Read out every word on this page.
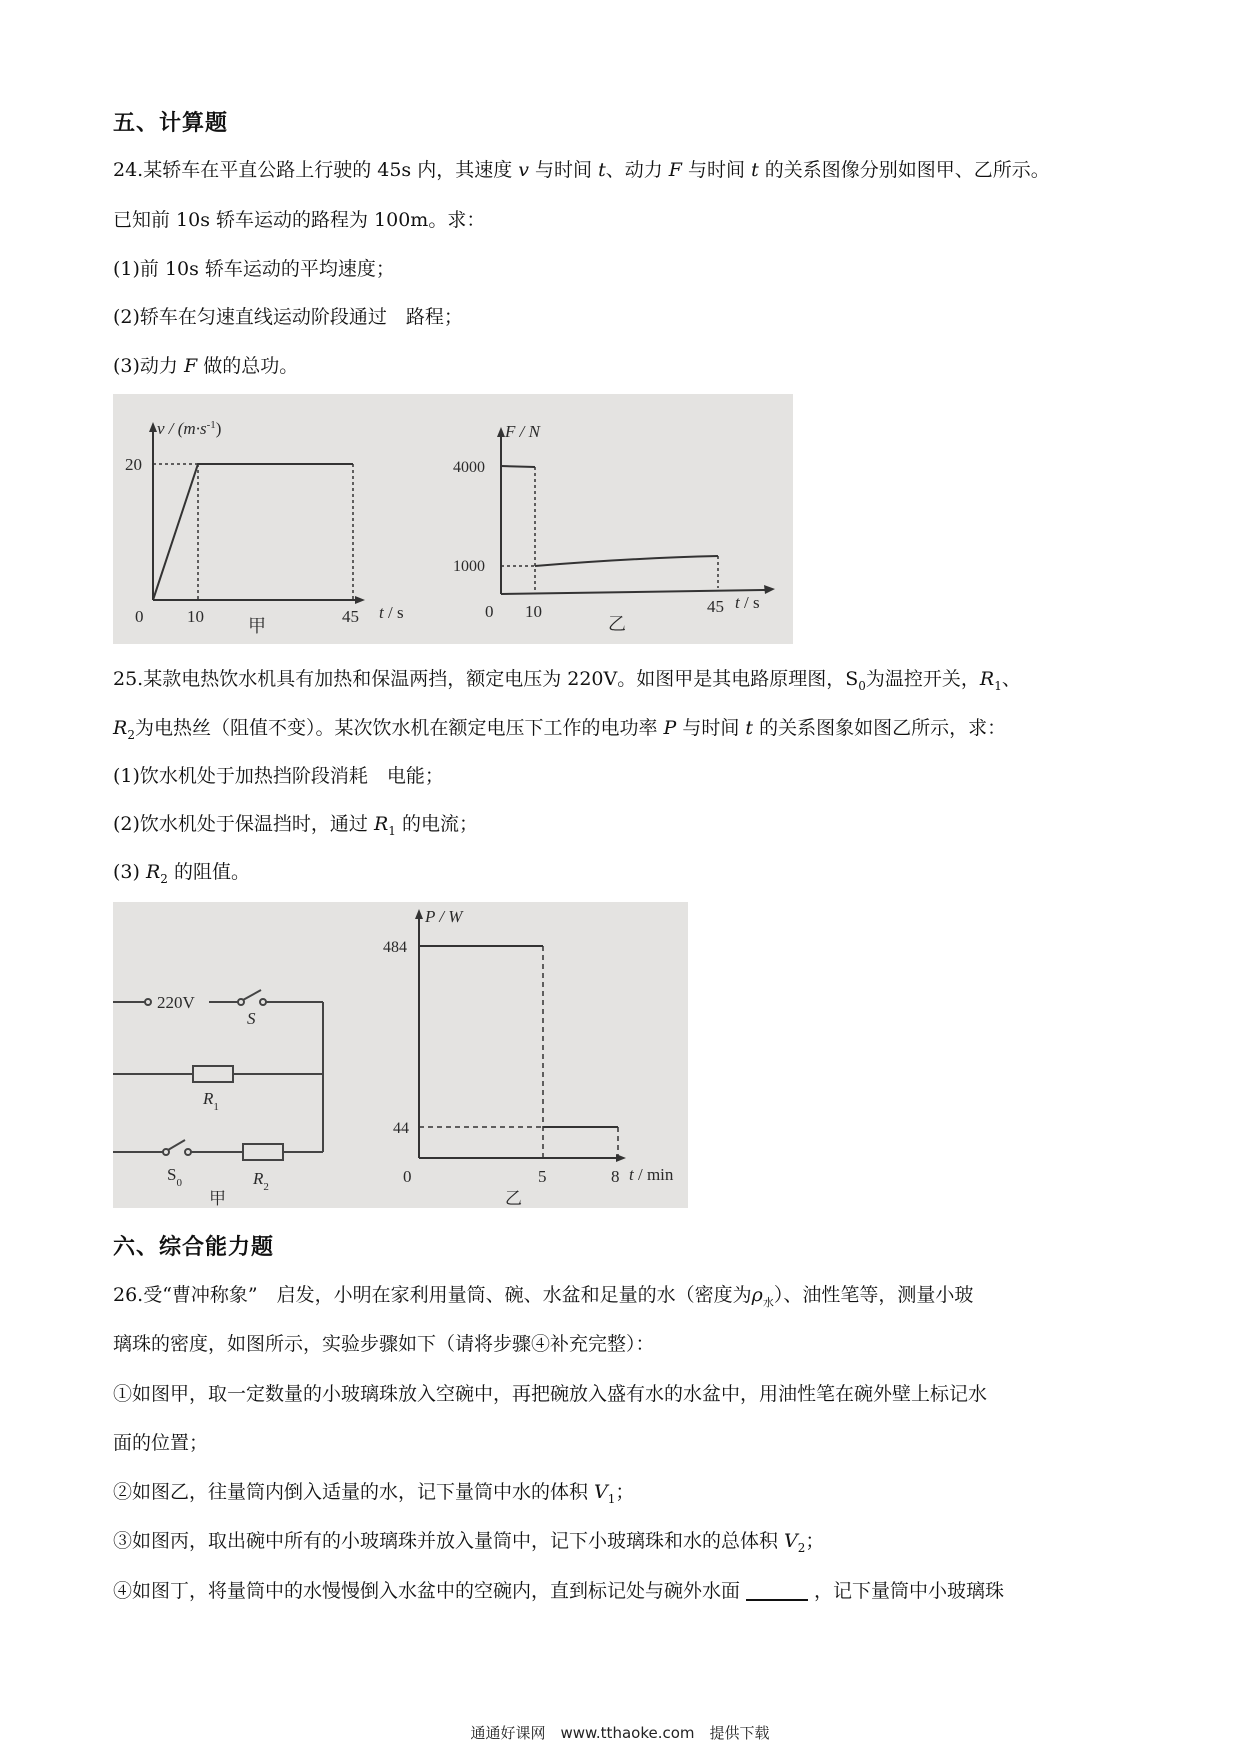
五、计算题
24.某轿车在平直公路上行驶的 45s 内，其速度 v 与时间 t、动力 F 与时间 t 的关系图像分别如图甲、乙所示。
已知前 10s 轿车运动的路程为 100m。求：
(1)前 10s 轿车运动的平均速度；
(2)轿车在匀速直线运动阶段通过　路程；
(3)动力 F 做的总功。
$v / (m\cdot s^{-1})$
20
0	10	45 t / s
甲
F / N
4000
1000
0 10	45 t / s
乙
25.某款电热饮水机具有加热和保温两挡，额定电压为 220V。如图甲是其电路原理图，$S_0$为温控开关，$R_1$、
$R_2$为电热丝（阻值不变）。某次饮水机在额定电压下工作的电功率 P 与时间 t 的关系图象如图乙所示，求：
(1)饮水机处于加热挡阶段消耗　电能；
(2)饮水机处于保温挡时，通过 $R_1$ 的电流；
(3) $R_2$ 的阻值。
220V
S
$R_1$
$S_0$	$R_2$
甲
P / W
484
44
0	5	8 t / min
乙
六、综合能力题
26.受“曹冲称象”　启发，小明在家利用量筒、碗、水盆和足量的水（密度为$\rho_水$）、油性笔等，测量小玻
璃珠的密度，如图所示，实验步骤如下（请将步骤④补充完整）：
①如图甲，取一定数量的小玻璃珠放入空碗中，再把碗放入盛有水的水盆中，用油性笔在碗外壁上标记水
面的位置；
②如图乙，往量筒内倒入适量的水，记下量筒中水的体积 $V_1$；
③如图丙，取出碗中所有的小玻璃珠并放入量筒中，记下小玻璃珠和水的总体积 $V_2$；
④如图丁，将量筒中的水慢慢倒入水盆中的空碗内，直到标记处与碗外水面	，记下量筒中小玻璃珠
通通好课网　www.tthaoke.com　提供下载
